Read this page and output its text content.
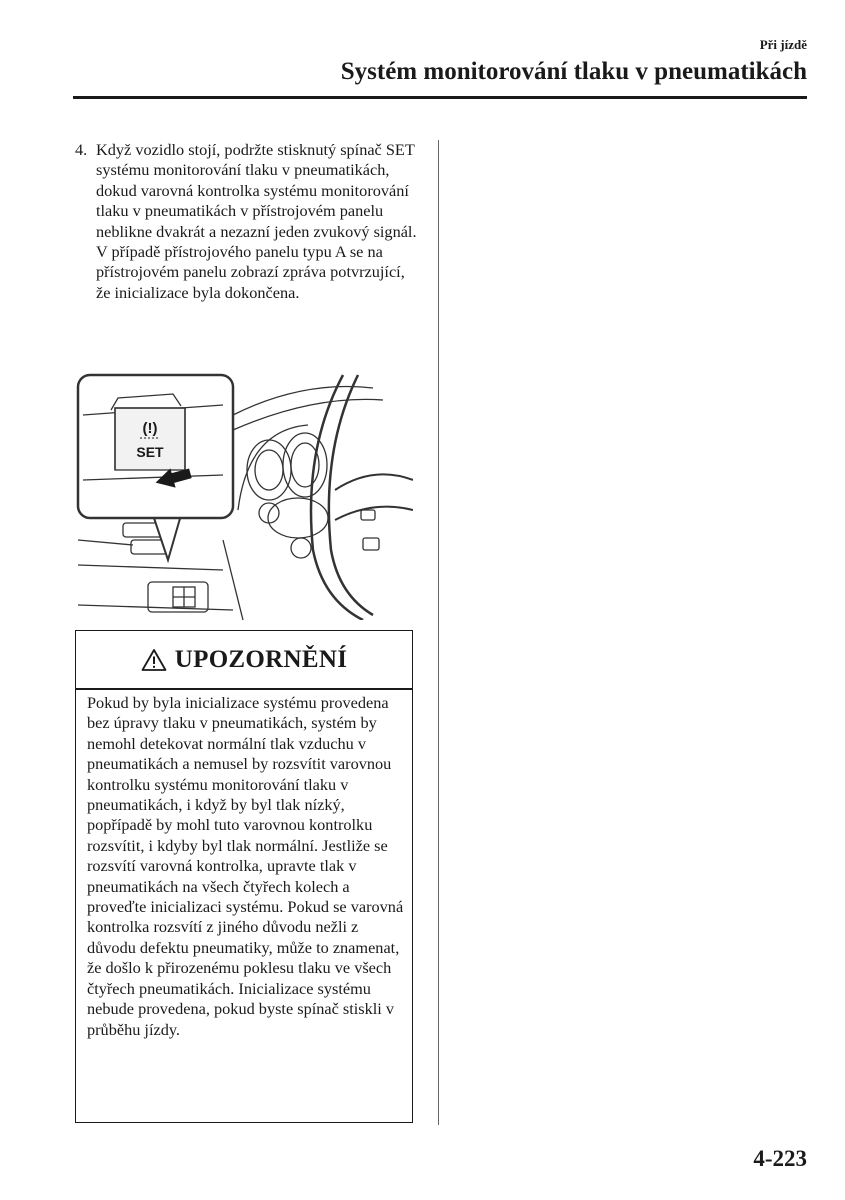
Při jízdě
Systém monitorování tlaku v pneumatikách
4. Když vozidlo stojí, podržte stisknutý spínač SET systému monitorování tlaku v pneumatikách, dokud varovná kontrolka systému monitorování tlaku v pneumatikách v přístrojovém panelu neblikne dvakrát a nezazní jeden zvukový signál.

V případě přístrojového panelu typu A se na přístrojovém panelu zobrazí zpráva potvrzující, že inicializace byla dokončena.

(!)
SET
UPOZORNĚNÍ
Pokud by byla inicializace systému provedena bez úpravy tlaku v pneumatikách, systém by nemohl detekovat normální tlak vzduchu v pneumatikách a nemusel by rozsvítit varovnou kontrolku systému monitorování tlaku v pneumatikách, i když by byl tlak nízký, popřípadě by mohl tuto varovnou kontrolku rozsvítit, i kdyby byl tlak normální. Jestliže se rozsvítí varovná kontrolka, upravte tlak v pneumatikách na všech čtyřech kolech a proveďte inicializaci systému. Pokud se varovná kontrolka rozsvítí z jiného důvodu nežli z důvodu defektu pneumatiky, může to znamenat, že došlo k přirozenému poklesu tlaku ve všech čtyřech pneumatikách. Inicializace systému nebude provedena, pokud byste spínač stiskli v průběhu jízdy.
4-223
